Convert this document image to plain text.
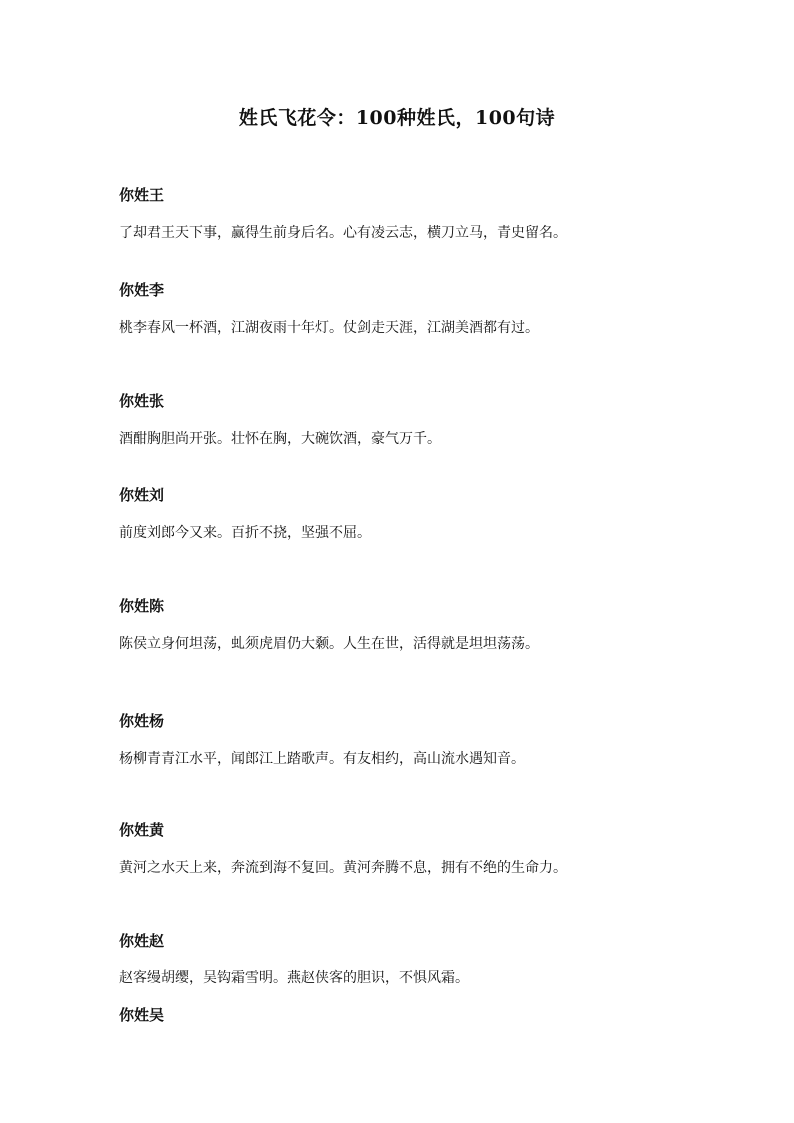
姓氏飞花令：100种姓氏，100句诗
你姓王
了却君王天下事，赢得生前身后名。心有凌云志，横刀立马，青史留名。
你姓李
桃李春风一杯酒，江湖夜雨十年灯。仗剑走天涯，江湖美酒都有过。
你姓张
酒酣胸胆尚开张。壮怀在胸，大碗饮酒，豪气万千。
你姓刘
前度刘郎今又来。百折不挠，坚强不屈。
你姓陈
陈侯立身何坦荡，虬须虎眉仍大颡。人生在世，活得就是坦坦荡荡。
你姓杨
杨柳青青江水平，闻郎江上踏歌声。有友相约，高山流水遇知音。
你姓黄
黄河之水天上来，奔流到海不复回。黄河奔腾不息，拥有不绝的生命力。
你姓赵
赵客缦胡缨，吴钩霜雪明。燕赵侠客的胆识，不惧风霜。
你姓吴
